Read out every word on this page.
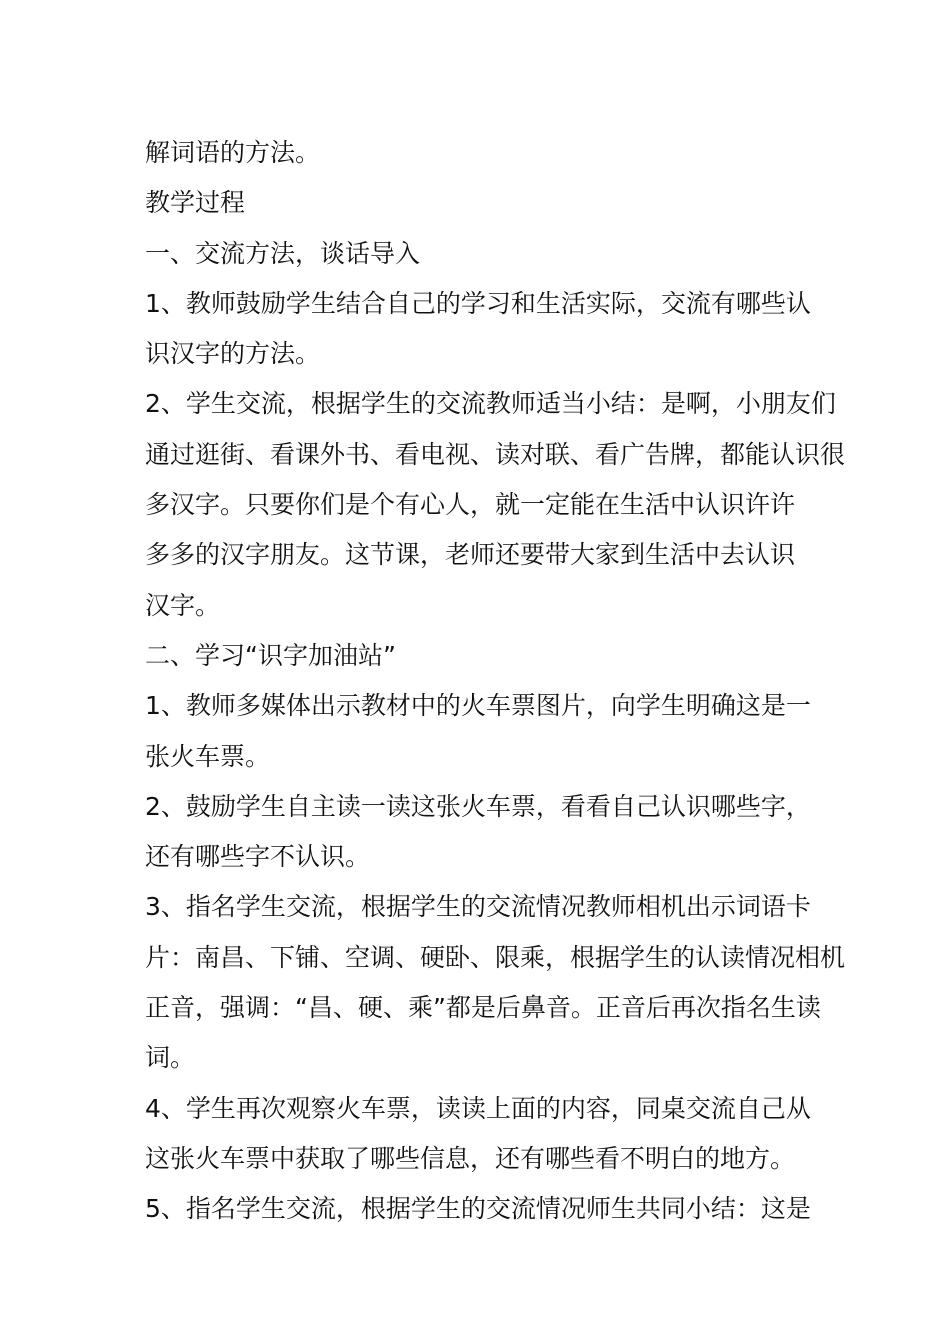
解词语的方法。
教学过程
一、交流方法，谈话导入
1、教师鼓励学生结合自己的学习和生活实际，交流有哪些认
识汉字的方法。
2、学生交流，根据学生的交流教师适当小结：是啊，小朋友们
通过逛街、看课外书、看电视、读对联、看广告牌，都能认识很
多汉字。只要你们是个有心人，就一定能在生活中认识许许
多多的汉字朋友。这节课，老师还要带大家到生活中去认识
汉字。
二、学习“识字加油站”
1、教师多媒体出示教材中的火车票图片，向学生明确这是一
张火车票。
2、鼓励学生自主读一读这张火车票，看看自己认识哪些字，
还有哪些字不认识。
3、指名学生交流，根据学生的交流情况教师相机出示词语卡
片：南昌、下铺、空调、硬卧、限乘，根据学生的认读情况相机
正音，强调：“昌、硬、乘”都是后鼻音。正音后再次指名生读
词。
4、学生再次观察火车票，读读上面的内容，同桌交流自己从
这张火车票中获取了哪些信息，还有哪些看不明白的地方。
5、指名学生交流，根据学生的交流情况师生共同小结：这是
